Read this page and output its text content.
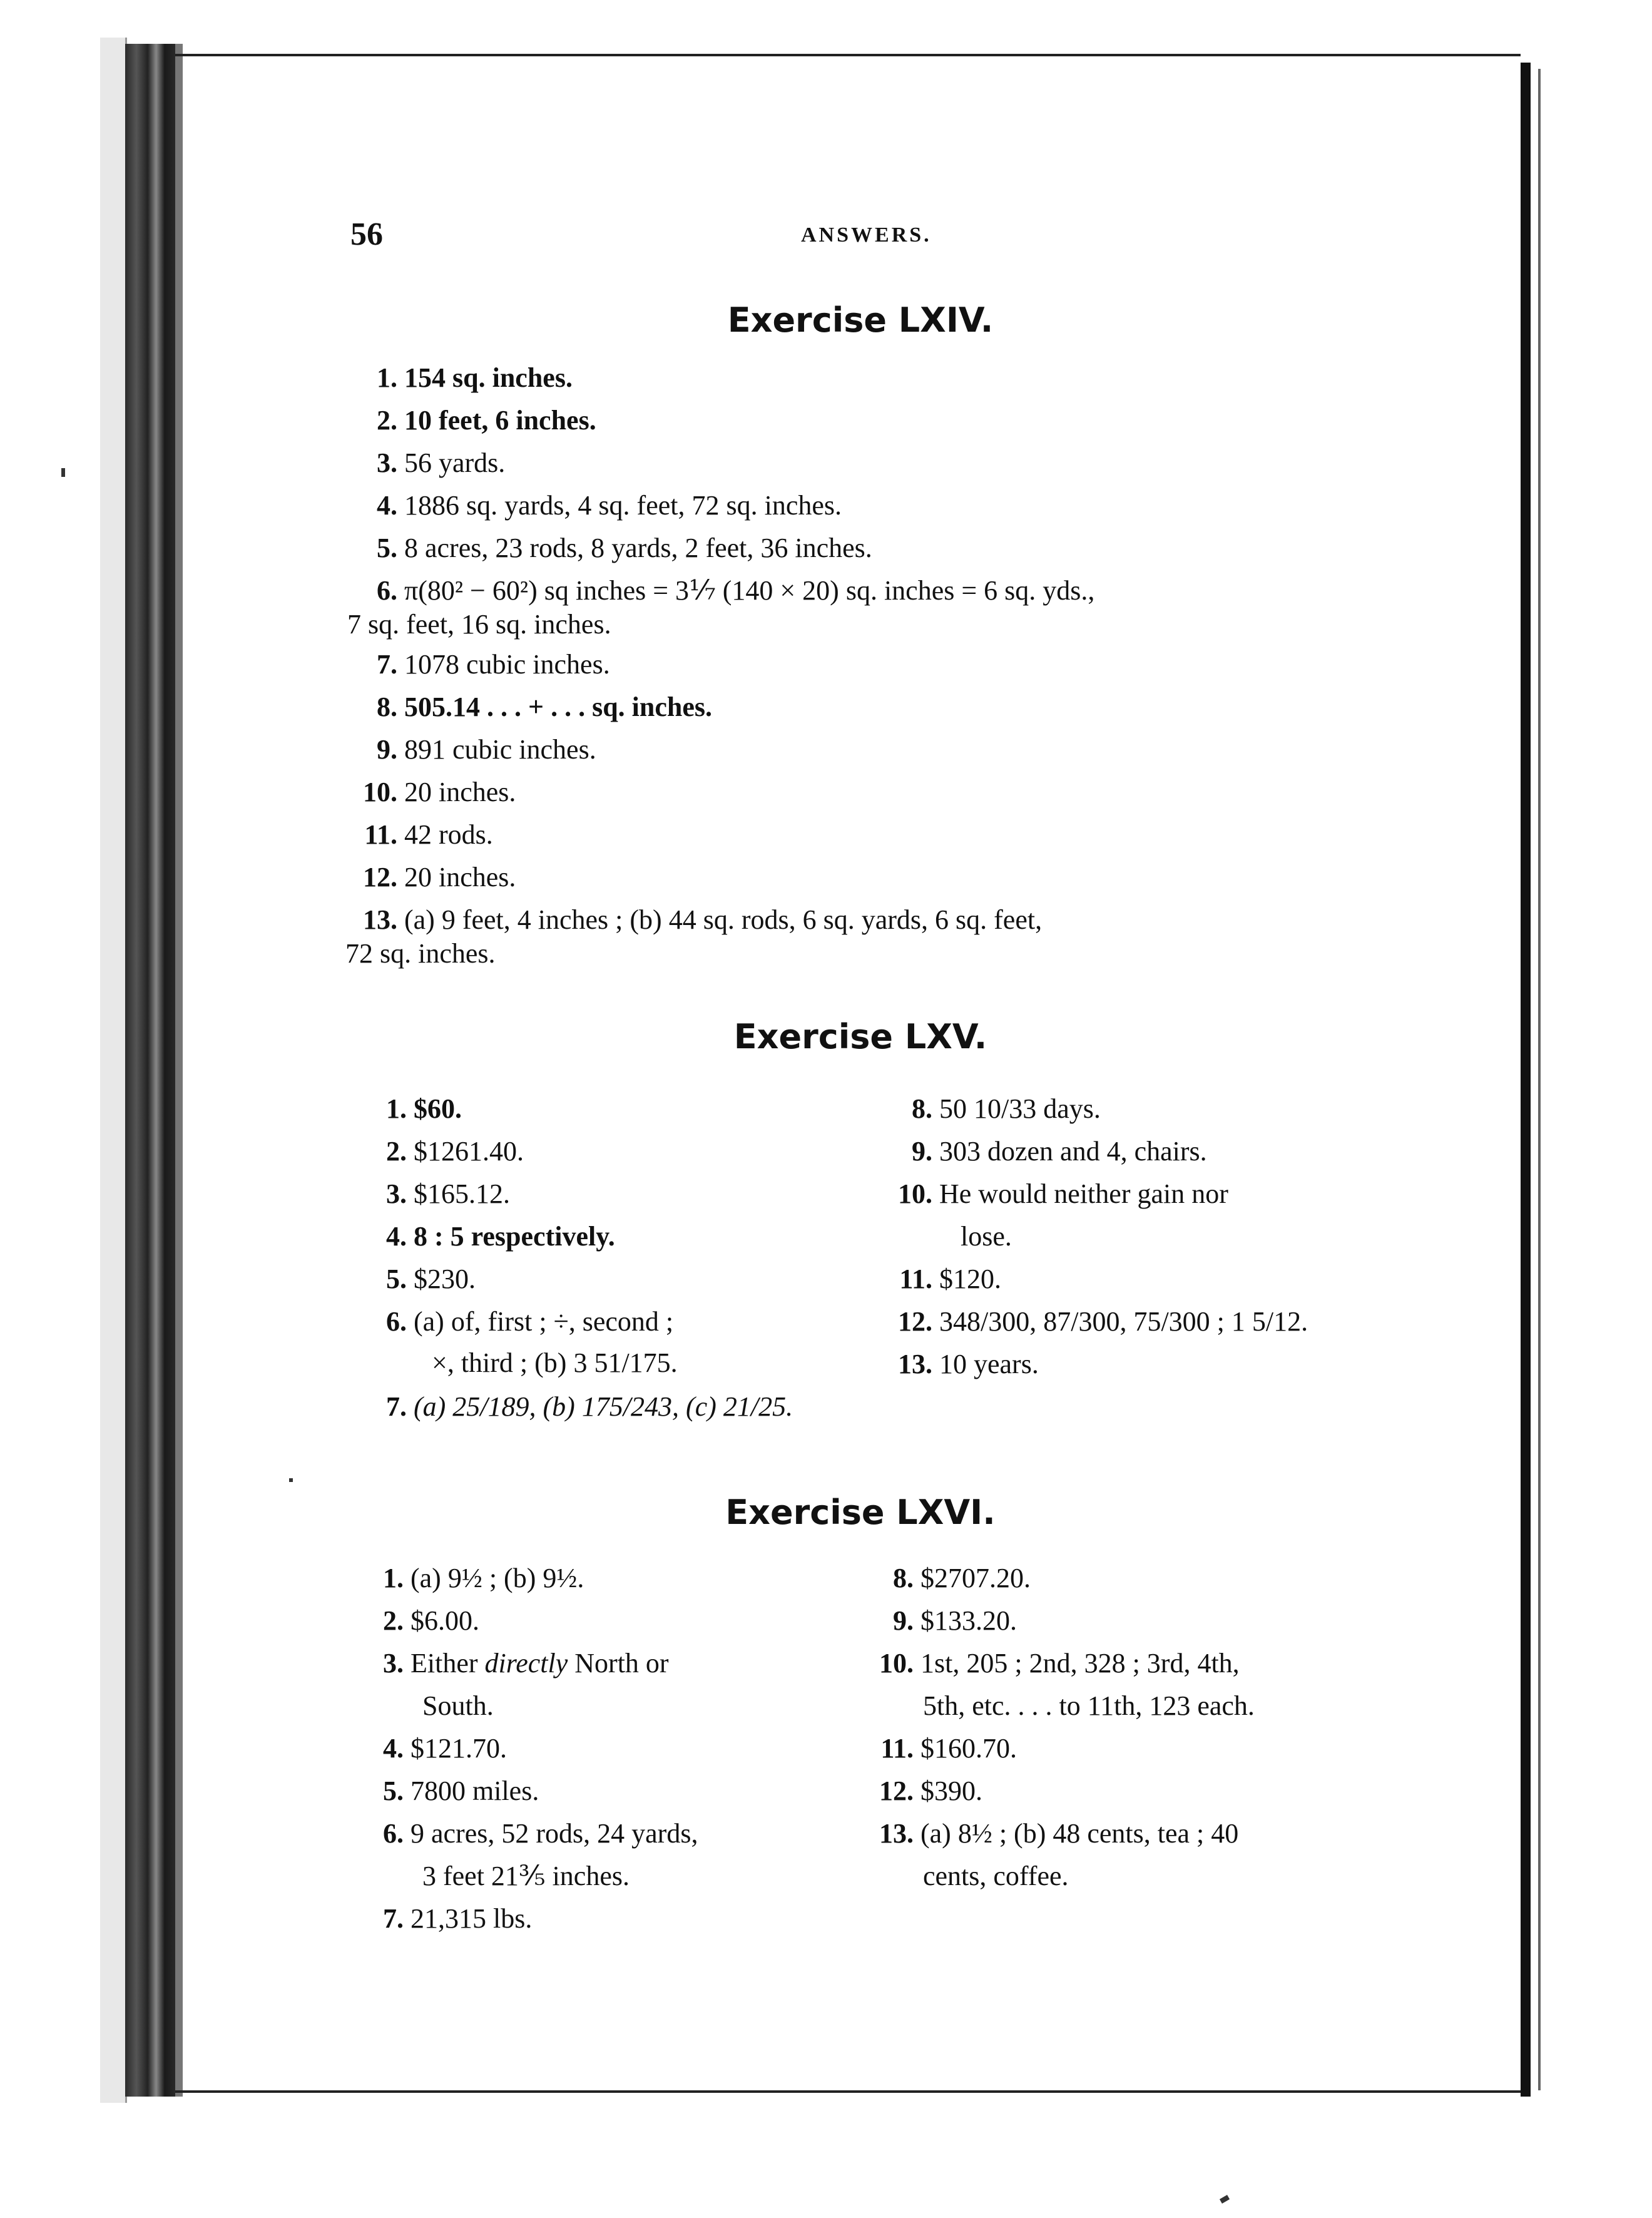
56	ANSWERS.
Exercise LXIV.
1. 154 sq. inches.
2. 10 feet, 6 inches.
3. 56 yards.
4. 1886 sq. yards, 4 sq. feet, 72 sq. inches.
5. 8 acres, 23 rods, 8 yards, 2 feet, 36 inches.
6. π(80² − 60²) sq inches = 3⅐ (140 × 20) sq. inches = 6 sq. yds.,
7 sq. feet, 16 sq. inches.
7. 1078 cubic inches.
8. 505.14 . . . + . . . sq. inches.
9. 891 cubic inches.
10. 20 inches.
11. 42 rods.
12. 20 inches.
13. (a) 9 feet, 4 inches ; (b) 44 sq. rods, 6 sq. yards, 6 sq. feet,
72 sq. inches.
Exercise LXV.
1. $60.
2. $1261.40.
3. $165.12.
4. 8 : 5 respectively.
5. $230.
6. (a) of, first ; ÷, second ;
×, third ; (b) 3 51/175.
7. (a) 25/189, (b) 175/243, (c) 21/25.
8. 50 10/33 days.
9. 303 dozen and 4, chairs.
10. He would neither gain nor
lose.
11. $120.
12. 348/300, 87/300, 75/300 ; 1 5/12.
13. 10 years.
Exercise LXVI.
1. (a) 9½ ; (b) 9½.
2. $6.00.
3. Either directly North or
South.
4. $121.70.
5. 7800 miles.
6. 9 acres, 52 rods, 24 yards,
3 feet 21⅗ inches.
7. 21,315 lbs.
8. $2707.20.
9. $133.20.
10. 1st, 205 ; 2nd, 328 ; 3rd, 4th,
5th, etc. . . . to 11th, 123 each.
11. $160.70.
12. $390.
13. (a) 8½ ; (b) 48 cents, tea ; 40
cents, coffee.
